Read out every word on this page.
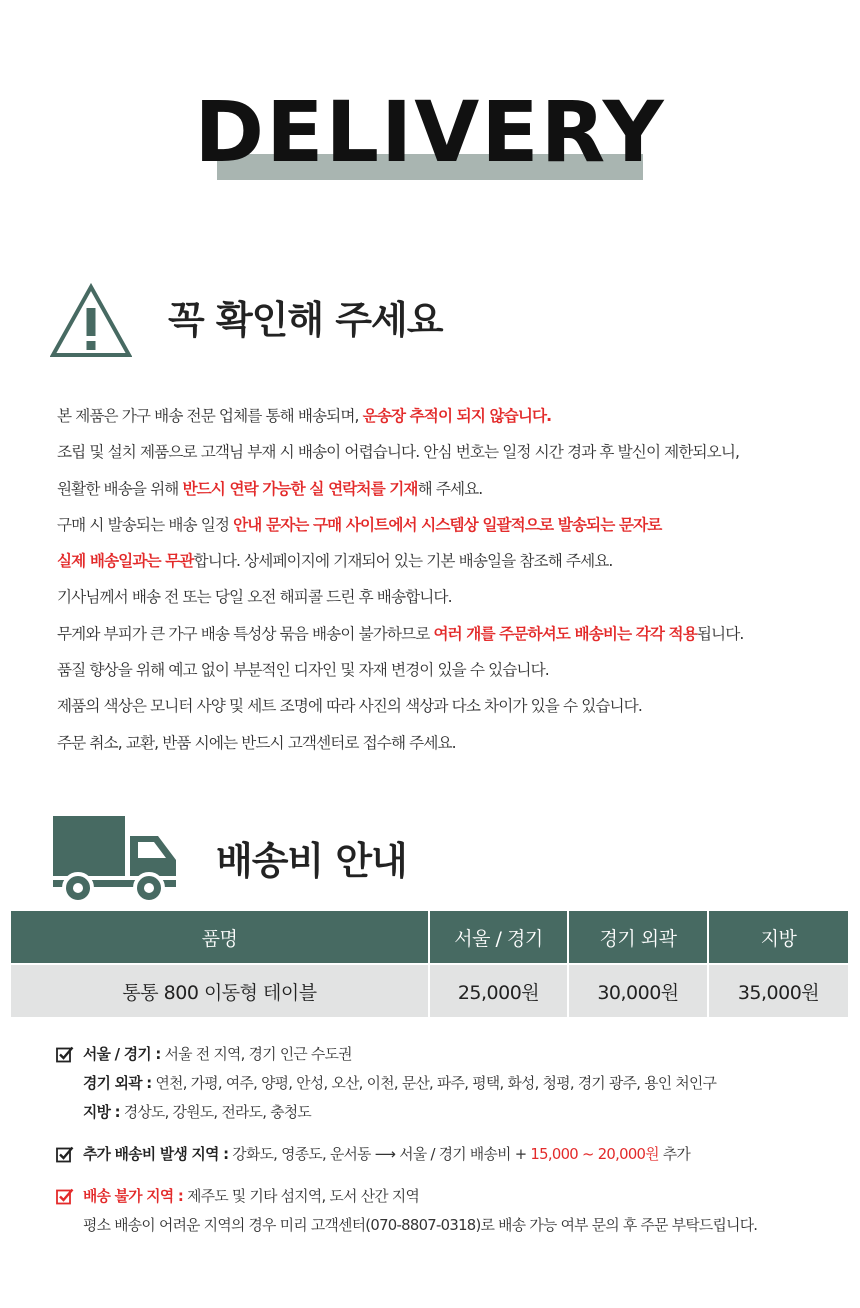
DELIVERY
꼭 확인해 주세요

본 제품은 가구 배송 전문 업체를 통해 배송되며, 운송장 추적이 되지 않습니다.

조립 및 설치 제품으로 고객님 부재 시 배송이 어렵습니다. 안심 번호는 일정 시간 경과 후 발신이 제한되오니,

원활한 배송을 위해 반드시 연락 가능한 실 연락처를 기재해 주세요.

구매 시 발송되는 배송 일정 안내 문자는 구매 사이트에서 시스템상 일괄적으로 발송되는 문자로

실제 배송일과는 무관합니다. 상세페이지에 기재되어 있는 기본 배송일을 참조해 주세요.

기사님께서 배송 전 또는 당일 오전 해피콜 드린 후 배송합니다.

무게와 부피가 큰 가구 배송 특성상 묶음 배송이 불가하므로 여러 개를 주문하셔도 배송비는 각각 적용됩니다.

품질 향상을 위해 예고 없이 부분적인 디자인 및 자재 변경이 있을 수 있습니다.

제품의 색상은 모니터 사양 및 세트 조명에 따라 사진의 색상과 다소 차이가 있을 수 있습니다.

주문 취소, 교환, 반품 시에는 반드시 고객센터로 접수해 주세요.

배송비 안내
품명	서울 / 경기	경기 외곽	지방
통통 800 이동형 테이블	25,000원	30,000원	35,000원

서울 / 경기 : 서울 전 지역, 경기 인근 수도권

경기 외곽 : 연천, 가평, 여주, 양평, 안성, 오산, 이천, 문산, 파주, 평택, 화성, 청평, 경기 광주, 용인 처인구

지방 : 경상도, 강원도, 전라도, 충청도

추가 배송비 발생 지역 : 강화도, 영종도, 운서동 ⟶ 서울 / 경기 배송비 + 15,000 ~ 20,000원 추가

배송 불가 지역 : 제주도 및 기타 섬지역, 도서 산간 지역

평소 배송이 어려운 지역의 경우 미리 고객센터(070-8807-0318)로 배송 가능 여부 문의 후 주문 부탁드립니다.
